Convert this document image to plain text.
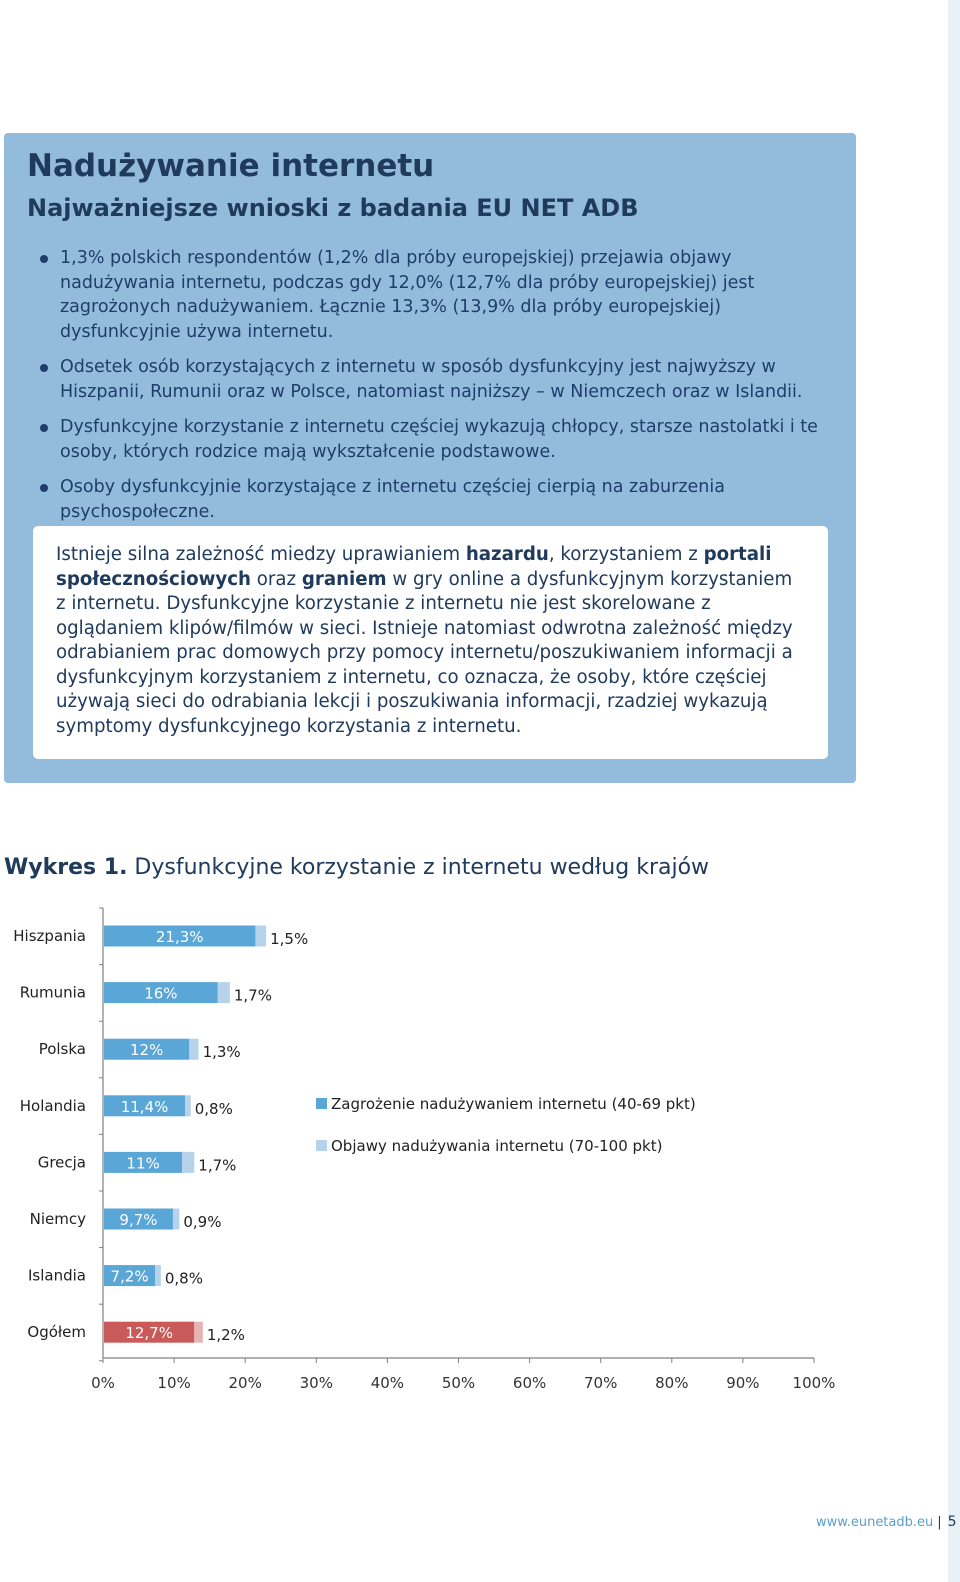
Nadużywanie internetu
Najważniejsze wnioski z badania EU NET ADB
1,3% polskich respondentów (1,2% dla próby europejskiej) przejawia objawy nadużywania internetu, podczas gdy 12,0% (12,7% dla próby europejskiej) jest zagrożonych nadużywaniem. Łącznie 13,3% (13,9% dla próby europejskiej) dysfunkcyjnie używa internetu.
Odsetek osób korzystających z internetu w sposób dysfunkcyjny jest najwyższy w Hiszpanii, Rumunii oraz w Polsce, natomiast najniższy – w Niemczech oraz w Islandii.
Dysfunkcyjne korzystanie z internetu częściej wykazują chłopcy, starsze nastolatki i te osoby, których rodzice mają wykształcenie podstawowe.
Osoby dysfunkcyjnie korzystające z internetu częściej cierpią na zaburzenia psychospołeczne.

Istnieje silna zależność miedzy uprawianiem hazardu, korzystaniem z portali społecznościowych oraz graniem w gry online a dysfunkcyjnym korzystaniem z internetu. Dysfunkcyjne korzystanie z internetu nie jest skorelowane z oglądaniem klipów/filmów w sieci. Istnieje natomiast odwrotna zależność między odrabianiem prac domowych przy pomocy internetu/poszukiwaniem informacji a dysfunkcyjnym korzystaniem z internetu, co oznacza, że osoby, które częściej używają sieci do odrabiania lekcji i poszukiwania informacji, rzadziej wykazują symptomy dysfunkcyjnego korzystania z internetu.

Wykres 1. Dysfunkcyjne korzystanie z internetu według krajów

0%	10%	20%	30%	40%	50%	60%	70%	80%	90% 100%
Hiszpania	21,3%	1,5%
Rumunia	16%	1,7%
Polska	12%	1,3%
Holandia 11,4% 0,8%
Grecja	11%	1,7%
Niemcy 9,7% 0,9%
Islandia 7,2% 0,8%
Ogółem	12,7% 1,2%
Zagrożenie nadużywaniem internetu (40-69 pkt)
Objawy nadużywania internetu (70-100 pkt)
www.eunetadb.eu | 5
